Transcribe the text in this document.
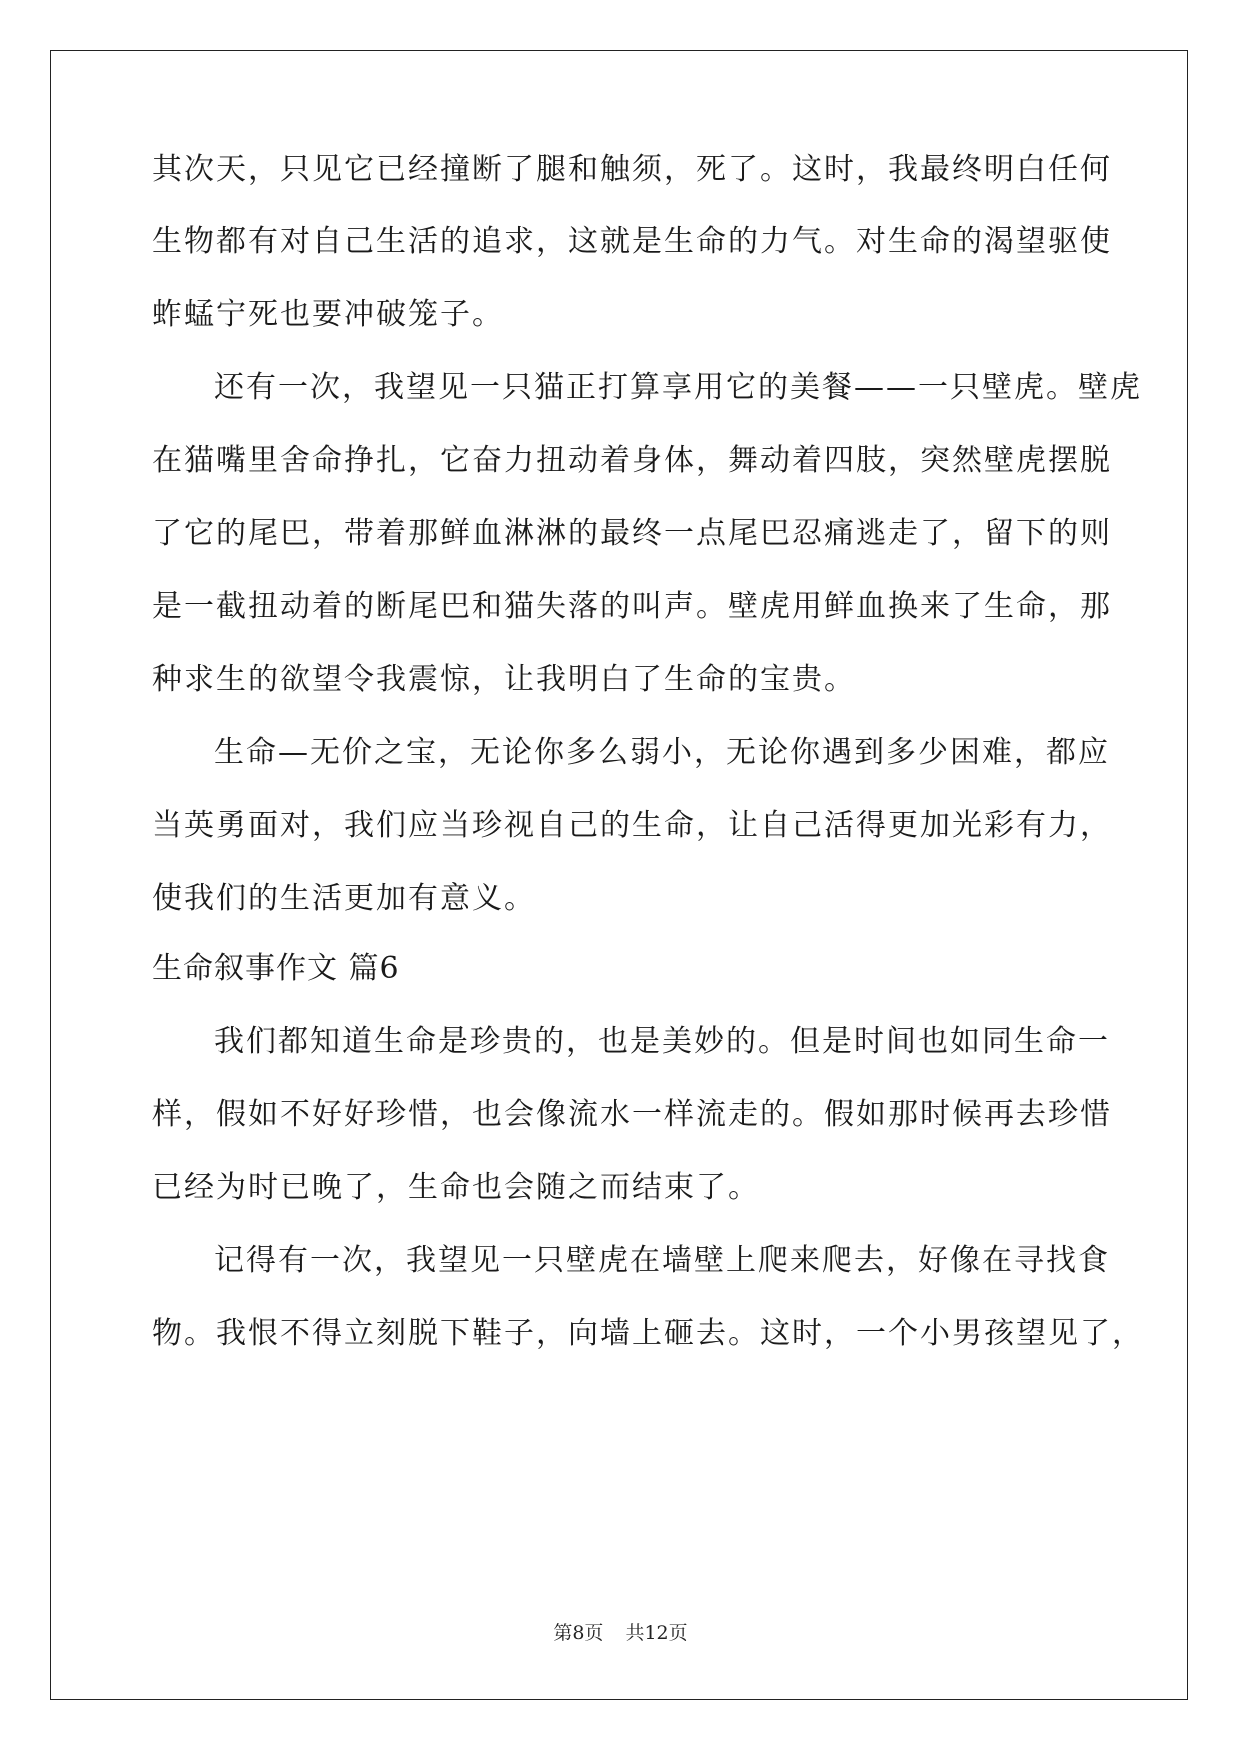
其次天，只见它已经撞断了腿和触须，死了。这时，我最终明白任何
生物都有对自己生活的追求，这就是生命的力气。对生命的渴望驱使
蚱蜢宁死也要冲破笼子。
还有一次，我望见一只猫正打算享用它的美餐——一只壁虎。壁虎
在猫嘴里舍命挣扎，它奋力扭动着身体，舞动着四肢，突然壁虎摆脱
了它的尾巴，带着那鲜血淋淋的最终一点尾巴忍痛逃走了，留下的则
是一截扭动着的断尾巴和猫失落的叫声。壁虎用鲜血换来了生命，那
种求生的欲望令我震惊，让我明白了生命的宝贵。
生命—无价之宝，无论你多么弱小，无论你遇到多少困难，都应
当英勇面对，我们应当珍视自己的生命，让自己活得更加光彩有力，
使我们的生活更加有意义。
生命叙事作文 篇6
我们都知道生命是珍贵的，也是美妙的。但是时间也如同生命一
样，假如不好好珍惜，也会像流水一样流走的。假如那时候再去珍惜
已经为时已晚了，生命也会随之而结束了。
记得有一次，我望见一只壁虎在墙壁上爬来爬去，好像在寻找食
物。我恨不得立刻脱下鞋子，向墙上砸去。这时，一个小男孩望见了，
第8页 共12页
